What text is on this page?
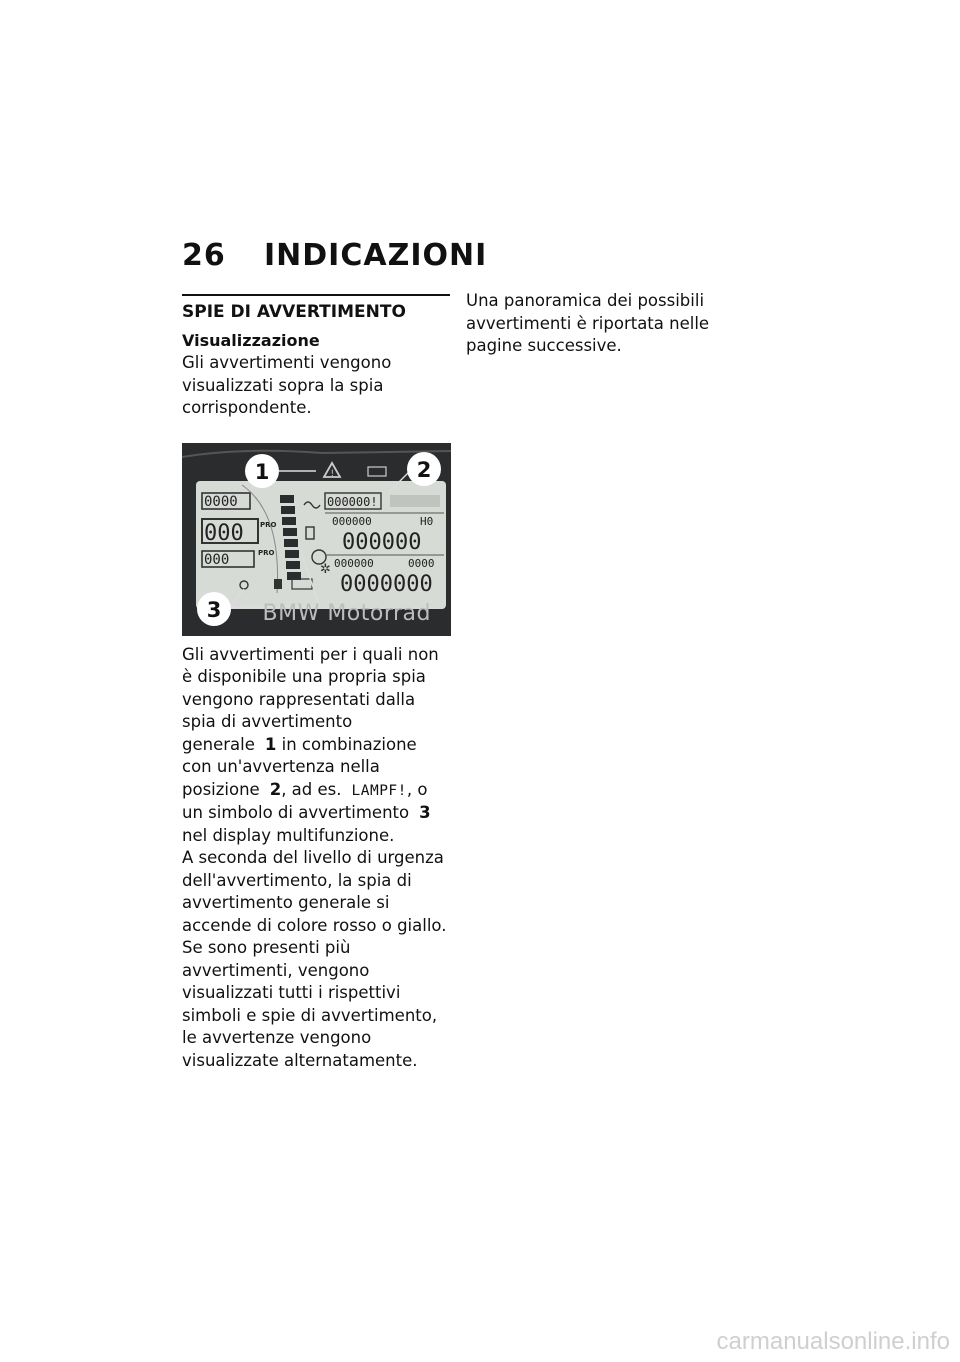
26 INDICAZIONI
SPIE DI AVVERTIMENTO
Visualizzazione

Gli avvertimenti vengono visualizzati sopra la spia corrispondente.

0000
000 PRO
000	PRO
000000!
000000	H0
000000
000000	0000
0000000
✲
!
1	2
3 BMW Motorrad

Gli avvertimenti per i quali non è disponibile una propria spia vengono rappresentati dalla spia di avvertimento generale 1 in combinazione con un'avvertenza nella posizione 2, ad es. LAMPF!, o un simbolo di avvertimento 3 nel display multifunzione.

A seconda del livello di urgenza dell'avvertimento, la spia di avvertimento generale si accende di colore rosso o giallo.

Se sono presenti più avvertimenti, vengono visualizzati tutti i rispettivi simboli e spie di avvertimento, le avvertenze vengono visualizzate alternatamente.

Una panoramica dei possibili avvertimenti è riportata nelle pagine successive.

carmanualsonline.info
